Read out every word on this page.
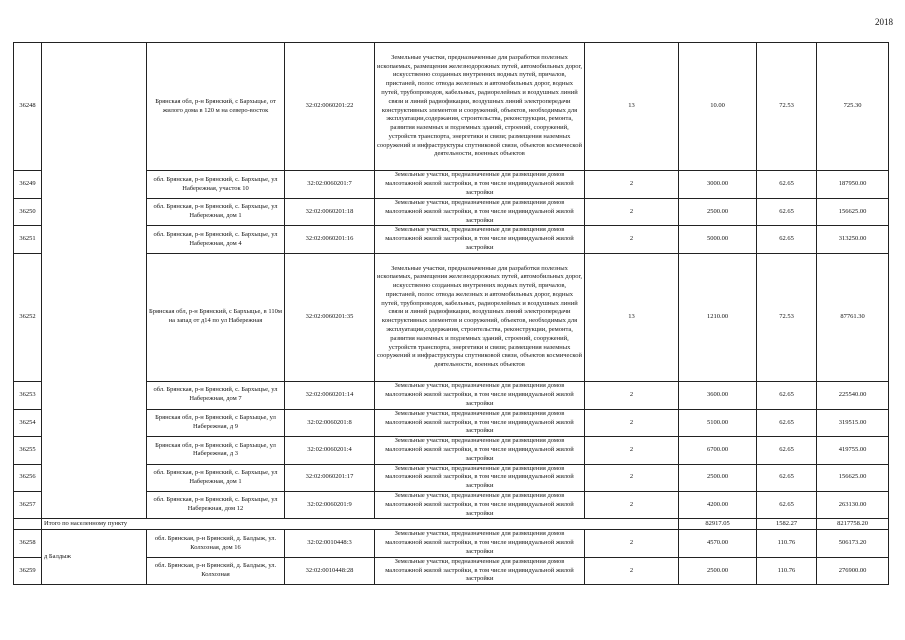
2018
36248		Брянская обл, р-н Брянский, с Бархыцье, от жилого дома в 120 м на северо-восток	32:02:0060201:22	Земельные участки, предназначенные для разработки полезных ископаемых, размещения железнодорожных путей, автомобильных дорог, искусственно созданных внутренних водных путей, причалов, пристаней, полос отвода железных и автомобильных дорог, водных путей, трубопроводов, кабельных, радиорелейных и воздушных линий связи и линий радиофикации, воздушных линий электропередачи конструктивных элементов и сооружений, объектов, необходимых для эксплуатации,содержания, строительства, реконструкции, ремонта, развития наземных и подземных зданий, строений, сооружений, устройств транспорта, энергетики и связи; размещения наземных сооружений и инфраструктуры спутниковой связи, объектов космической деятельности, военных объектов	13	10.00	72.53	725.30
36249		обл. Брянская, р-н Брянский, с. Бархыцье, ул Набережная, участок 10	32:02:0060201:7	Земельные участки, предназначенные для размещения домов малоэтажной жилой застройки, в том числе индивидуальной жилой застройки	2	3000.00	62.65	187950.00
36250		обл. Брянская, р-н Брянский, с. Бархыцье, ул Набережная, дом 1	32:02:0060201:18	Земельные участки, предназначенные для размещения домов малоэтажной жилой застройки, в том числе индивидуальной жилой застройки	2	2500.00	62.65	156625.00
36251		обл. Брянская, р-н Брянский, с. Бархыцье, ул Набережная, дом 4	32:02:0060201:16	Земельные участки, предназначенные для размещения домов малоэтажной жилой застройки, в том числе индивидуальной жилой застройки	2	5000.00	62.65	313250.00
36252		Брянская обл, р-н Брянский, с Бархыцье, в 110м на запад от д14 по ул Набережная	32:02:0060201:35	Земельные участки, предназначенные для разработки полезных ископаемых, размещения железнодорожных путей, автомобильных дорог, искусственно созданных внутренних водных путей, причалов, пристаней, полос отвода железных и автомобильных дорог, водных путей, трубопроводов, кабельных, радиорелейных и воздушных линий связи и линий радиофикации, воздушных линий электропередачи конструктивных элементов и сооружений, объектов, необходимых для эксплуатации,содержания, строительства, реконструкции, ремонта, развития наземных и подземных зданий, строений, сооружений, устройств транспорта, энергетики и связи; размещения наземных сооружений и инфраструктуры спутниковой связи, объектов космической деятельности, военных объектов	13	1210.00	72.53	87761.30
36253		обл. Брянская, р-н Брянский, с. Бархыцье, ул Набережная, дом 7	32:02:0060201:14	Земельные участки, предназначенные для размещения домов малоэтажной жилой застройки, в том числе индивидуальной жилой застройки	2	3600.00	62.65	225540.00
36254		Брянская обл, р-н Брянский, с Бархыцье, ул Набережная, д 9	32:02:0060201:8	Земельные участки, предназначенные для размещения домов малоэтажной жилой застройки, в том числе индивидуальной жилой застройки	2	5100.00	62.65	319515.00
36255		Брянская обл, р-н Брянский, с Бархыцье, ул Набережная, д 3	32:02:0060201:4	Земельные участки, предназначенные для размещения домов малоэтажной жилой застройки, в том числе индивидуальной жилой застройки	2	6700.00	62.65	419755.00
36256		обл. Брянская, р-н Брянский, с. Бархыцье, ул Набережная, дом 1	32:02:0060201:17	Земельные участки, предназначенные для размещения домов малоэтажной жилой застройки, в том числе индивидуальной жилой застройки	2	2500.00	62.65	156625.00
36257		обл. Брянская, р-н Брянский, с. Бархыцье, ул Набережная, дом 12	32:02:0060201:9	Земельные участки, предназначенные для размещения домов малоэтажной жилой застройки, в том числе индивидуальной жилой застройки	2	4200.00	62.65	263130.00
	Итого по населенному пункту					82917.05	1582.27	8217758.20
36258	д Балдыж	обл. Брянская, р-н Брянский, д. Балдыж, ул. Колхозная, дом 16	32:02:0010448:3	Земельные участки, предназначенные для размещения домов малоэтажной жилой застройки, в том числе индивидуальной жилой застройки	2	4570.00	110.76	506173.20
36259		обл. Брянская, р-н Брянский, д. Балдыж, ул. Колхозная	32:02:0010448:28	Земельные участки, предназначенные для размещения домов малоэтажной жилой застройки, в том числе индивидуальной жилой застройки	2	2500.00	110.76	276900.00
